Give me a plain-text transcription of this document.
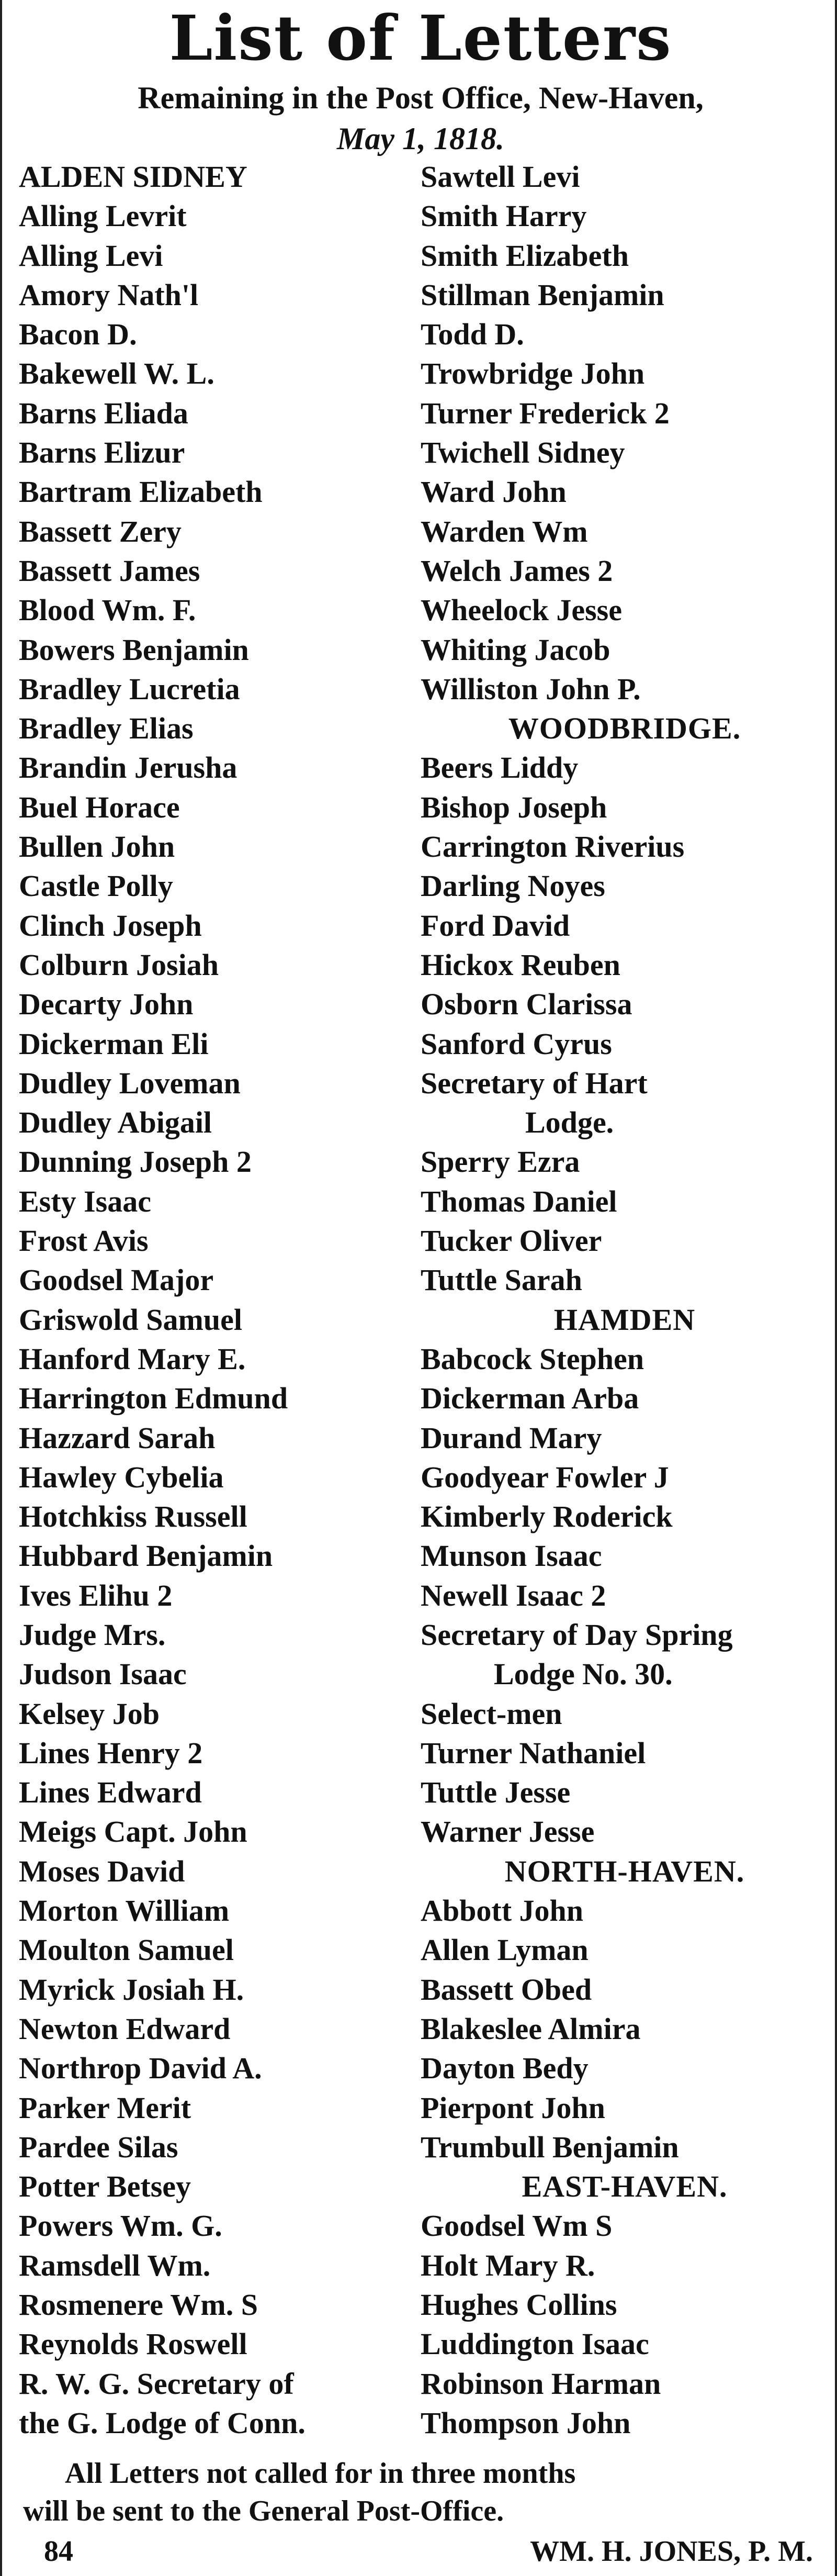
List of Letters
Remaining in the Post Office, New-Haven,
May 1, 1818.
ALDEN SIDNEY
Alling Levrit
Alling Levi
Amory Nath'l
Bacon D.
Bakewell W. L.
Barns Eliada
Barns Elizur
Bartram Elizabeth
Bassett Zery
Bassett James
Blood Wm. F.
Bowers Benjamin
Bradley Lucretia
Bradley Elias
Brandin Jerusha
Buel Horace
Bullen John
Castle Polly
Clinch Joseph
Colburn Josiah
Decarty John
Dickerman Eli
Dudley Loveman
Dudley Abigail
Dunning Joseph 2
Esty Isaac
Frost Avis
Goodsel Major
Griswold Samuel
Hanford Mary E.
Harrington Edmund
Hazzard Sarah
Hawley Cybelia
Hotchkiss Russell
Hubbard Benjamin
Ives Elihu 2
Judge Mrs.
Judson Isaac
Kelsey Job
Lines Henry 2
Lines Edward
Meigs Capt. John
Moses David
Morton William
Moulton Samuel
Myrick Josiah H.
Newton Edward
Northrop David A.
Parker Merit
Pardee Silas
Potter Betsey
Powers Wm. G.
Ramsdell Wm.
Rosmenere Wm. S
Reynolds Roswell
R. W. G. Secretary of
the G. Lodge of Conn.
Sawtell Levi
Smith Harry
Smith Elizabeth
Stillman Benjamin
Todd D.
Trowbridge John
Turner Frederick 2
Twichell Sidney
Ward John
Warden Wm
Welch James 2
Wheelock Jesse
Whiting Jacob
Williston John P.
WOODBRIDGE.
Beers Liddy
Bishop Joseph
Carrington Riverius
Darling Noyes
Ford David
Hickox Reuben
Osborn Clarissa
Sanford Cyrus
Secretary of Hart
Lodge.
Sperry Ezra
Thomas Daniel
Tucker Oliver
Tuttle Sarah
HAMDEN
Babcock Stephen
Dickerman Arba
Durand Mary
Goodyear Fowler J
Kimberly Roderick
Munson Isaac
Newell Isaac 2
Secretary of Day Spring
Lodge No. 30.
Select-men
Turner Nathaniel
Tuttle Jesse
Warner Jesse
NORTH-HAVEN.
Abbott John
Allen Lyman
Bassett Obed
Blakeslee Almira
Dayton Bedy
Pierpont John
Trumbull Benjamin
EAST-HAVEN.
Goodsel Wm S
Holt Mary R.
Hughes Collins
Luddington Isaac
Robinson Harman
Thompson John
All Letters not called for in three months
will be sent to the General Post-Office.
84	WM. H. JONES, P. M.
